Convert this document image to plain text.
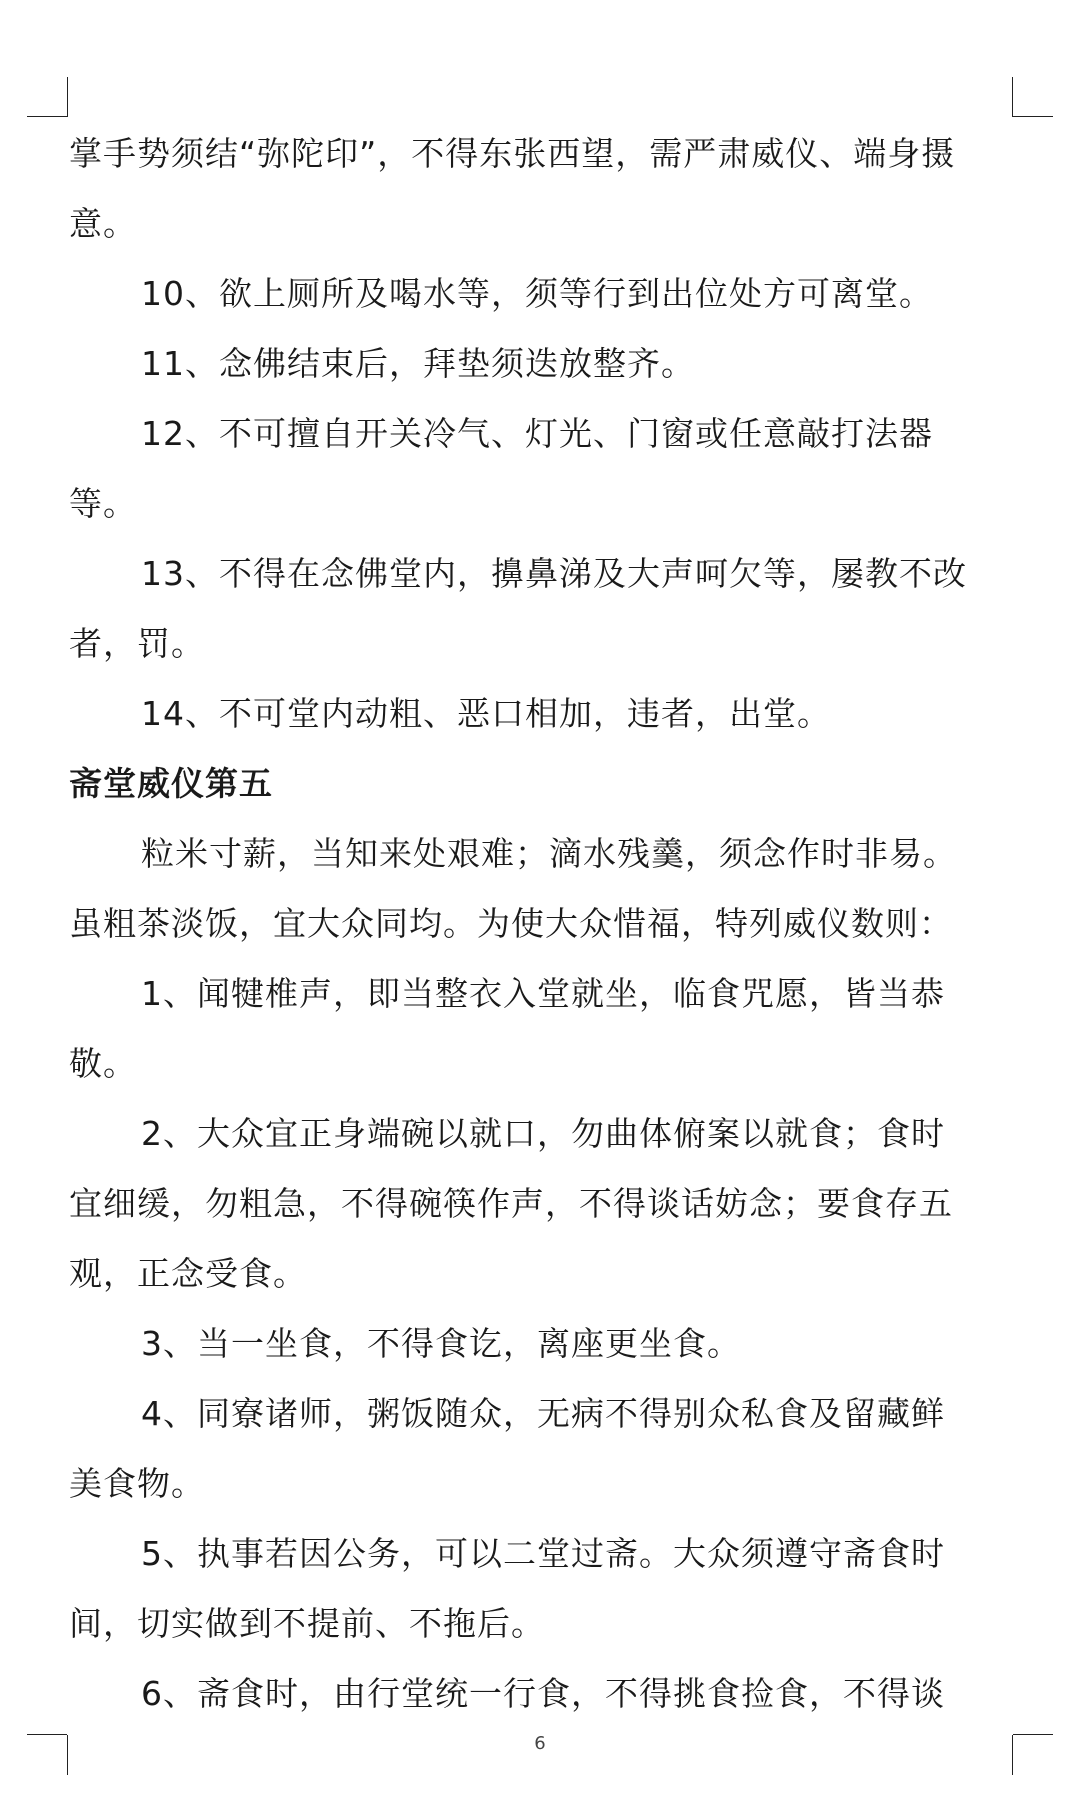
掌手势须结“弥陀印”，不得东张西望，需严肃威仪、端身摄

意。

10、欲上厕所及喝水等，须等行到出位处方可离堂。

11、念佛结束后，拜垫须迭放整齐。

12、不可擅自开关冷气、灯光、门窗或任意敲打法器

等。

13、不得在念佛堂内，擤鼻涕及大声呵欠等，屡教不改

者，罚。

14、不可堂内动粗、恶口相加，违者，出堂。

斋堂威仪第五

粒米寸薪，当知来处艰难；滴水残羹，须念作时非易。

虽粗茶淡饭，宜大众同均。为使大众惜福，特列威仪数则：

1、闻犍椎声，即当整衣入堂就坐，临食咒愿，皆当恭

敬。

2、大众宜正身端碗以就口，勿曲体俯案以就食；食时

宜细缓，勿粗急，不得碗筷作声，不得谈话妨念；要食存五

观，正念受食。

3、当一坐食，不得食讫，离座更坐食。

4、同寮诸师，粥饭随众，无病不得别众私食及留藏鲜

美食物。

5、执事若因公务，可以二堂过斋。大众须遵守斋食时

间，切实做到不提前、不拖后。

6、斋食时，由行堂统一行食，不得挑食捡食，不得谈

6
